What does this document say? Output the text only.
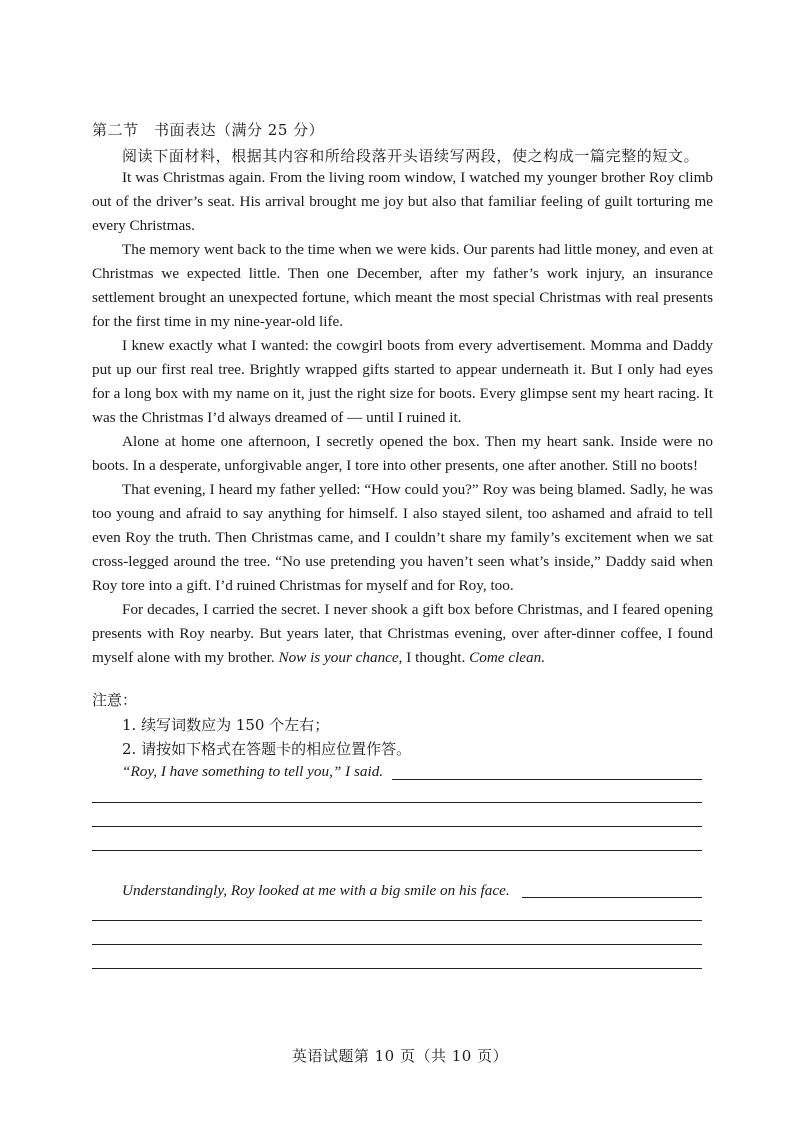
第二节　书面表达（满分 25 分）
阅读下面材料，根据其内容和所给段落开头语续写两段，使之构成一篇完整的短文。

It was Christmas again. From the living room window, I watched my younger brother Roy climb out of the driver’s seat. His arrival brought me joy but also that familiar feeling of guilt torturing me every Christmas.

The memory went back to the time when we were kids. Our parents had little money, and even at Christmas we expected little. Then one December, after my father’s work injury, an insurance settlement brought an unexpected fortune, which meant the most special Christmas with real presents for the first time in my nine-year-old life.

I knew exactly what I wanted: the cowgirl boots from every advertisement. Momma and Daddy put up our first real tree. Brightly wrapped gifts started to appear underneath it. But I only had eyes for a long box with my name on it, just the right size for boots. Every glimpse sent my heart racing. It was the Christmas I’d always dreamed of — until I ruined it.

Alone at home one afternoon, I secretly opened the box. Then my heart sank. Inside were no boots. In a desperate, unforgivable anger, I tore into other presents, one after another. Still no boots!

That evening, I heard my father yelled: “How could you?” Roy was being blamed. Sadly, he was too young and afraid to say anything for himself. I also stayed silent, too ashamed and afraid to tell even Roy the truth. Then Christmas came, and I couldn’t share my family’s excitement when we sat cross-legged around the tree. “No use pretending you haven’t seen what’s inside,” Daddy said when Roy tore into a gift. I’d ruined Christmas for myself and for Roy, too.

For decades, I carried the secret. I never shook a gift box before Christmas, and I feared opening presents with Roy nearby. But years later, that Christmas evening, over after-dinner coffee, I found myself alone with my brother. Now is your chance, I thought. Come clean.

注意：
1. 续写词数应为 150 个左右；
2. 请按如下格式在答题卡的相应位置作答。
“Roy, I have something to tell you,” I said.
Understandingly, Roy looked at me with a big smile on his face.
英语试题第 10 页（共 10 页）
